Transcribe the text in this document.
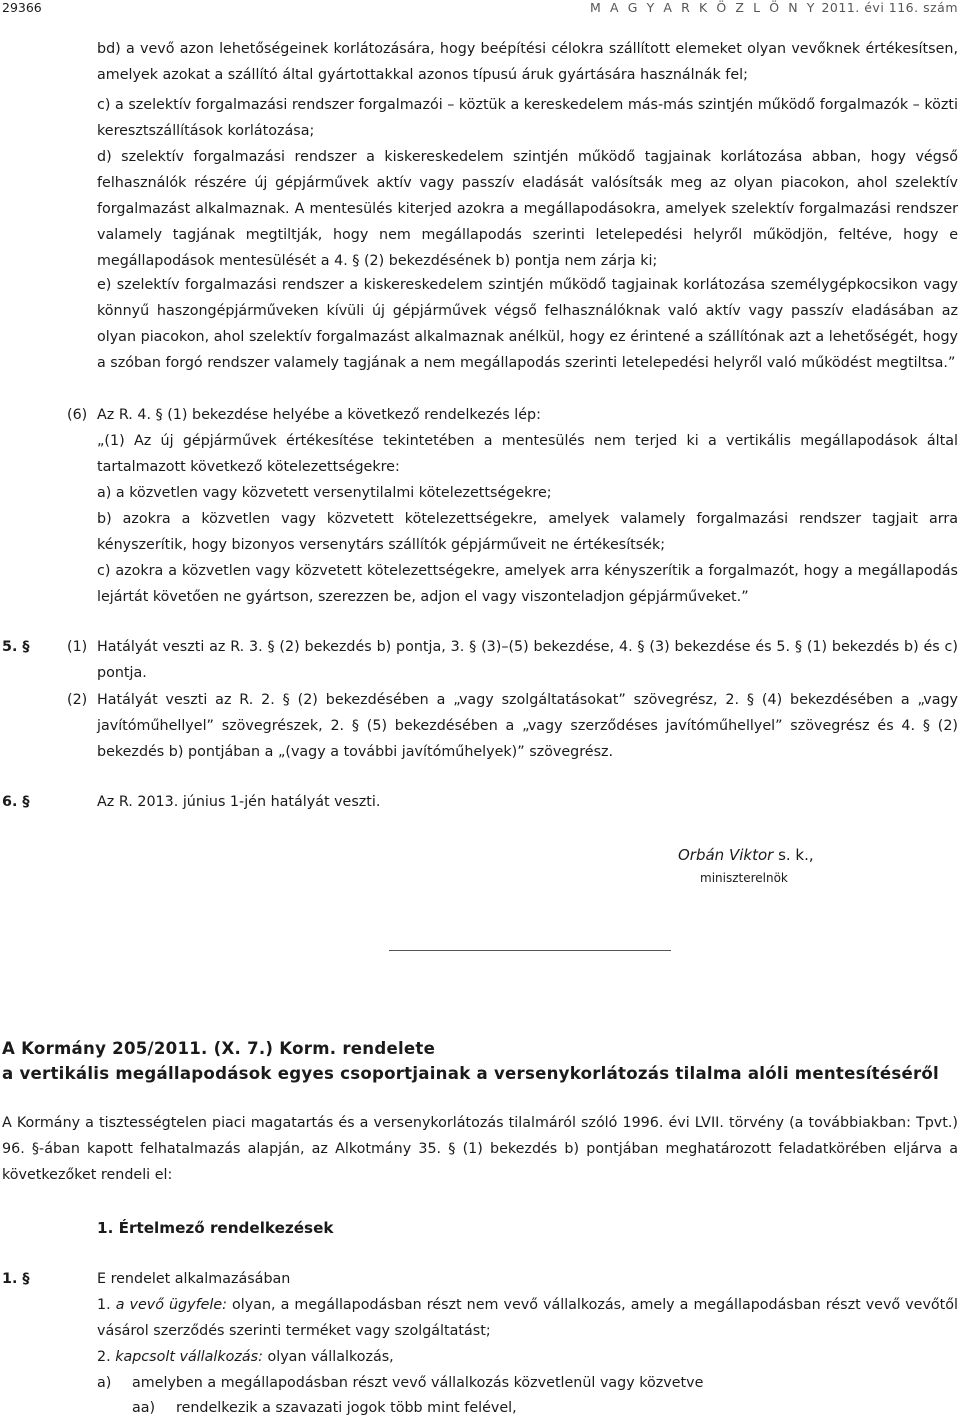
29366	M A G Y A R K Ö Z L Ö N Y 2011. évi 116. szám

bd) a vevő azon lehetőségeinek korlátozására, hogy beépítési célokra szállított elemeket olyan vevőknek értékesítsen, amelyek azokat a szállító által gyártottakkal azonos típusú áruk gyártására használnák fel;

c) a szelektív forgalmazási rendszer forgalmazói – köztük a kereskedelem más-más szintjén működő forgalmazók – közti keresztszállítások korlátozása;

d) szelektív forgalmazási rendszer a kiskereskedelem szintjén működő tagjainak korlátozása abban, hogy végső felhasználók részére új gépjárművek aktív vagy passzív eladását valósítsák meg az olyan piacokon, ahol szelektív forgalmazást alkalmaznak. A mentesülés kiterjed azokra a megállapodásokra, amelyek szelektív forgalmazási rendszer valamely tagjának megtiltják, hogy nem megállapodás szerinti letelepedési helyről működjön, feltéve, hogy e megállapodások mentesülését a 4. § (2) bekezdésének b) pontja nem zárja ki;

e) szelektív forgalmazási rendszer a kiskereskedelem szintjén működő tagjainak korlátozása személygépkocsikon vagy könnyű haszongépjárműveken kívüli új gépjárművek végső felhasználóknak való aktív vagy passzív eladásában az olyan piacokon, ahol szelektív forgalmazást alkalmaznak anélkül, hogy ez érintené a szállítónak azt a lehetőségét, hogy a szóban forgó rendszer valamely tagjának a nem megállapodás szerinti letelepedési helyről való működést megtiltsa.”

(6) Az R. 4. § (1) bekezdése helyébe a következő rendelkezés lép:

„(1) Az új gépjárművek értékesítése tekintetében a mentesülés nem terjed ki a vertikális megállapodások által tartalmazott következő kötelezettségekre:

a) a közvetlen vagy közvetett versenytilalmi kötelezettségekre;

b) azokra a közvetlen vagy közvetett kötelezettségekre, amelyek valamely forgalmazási rendszer tagjait arra kényszerítik, hogy bizonyos versenytárs szállítók gépjárműveit ne értékesítsék;

c) azokra a közvetlen vagy közvetett kötelezettségekre, amelyek arra kényszerítik a forgalmazót, hogy a megállapodás lejártát követően ne gyártson, szerezzen be, adjon el vagy viszonteladjon gépjárműveket.”

5. §	(1) Hatályát veszti az R. 3. § (2) bekezdés b) pontja, 3. § (3)–(5) bekezdése, 4. § (3) bekezdése és 5. § (1) bekezdés b) és c) pontja.

(2) Hatályát veszti az R. 2. § (2) bekezdésében a „vagy szolgáltatásokat” szövegrész, 2. § (4) bekezdésében a „vagy javítóműhellyel” szövegrészek, 2. § (5) bekezdésében a „vagy szerződéses javítóműhellyel” szövegrész és 4. § (2) bekezdés b) pontjában a „(vagy a további javítóműhelyek)” szövegrész.

6. §	Az R. 2013. június 1-jén hatályát veszti.

Orbán Viktor s. k.,
miniszterelnök
A Kormány 205/2011. (X. 7.) Korm. rendelete
a vertikális megállapodások egyes csoportjainak a versenykorlátozás tilalma alóli mentesítéséről

A Kormány a tisztességtelen piaci magatartás és a versenykorlátozás tilalmáról szóló 1996. évi LVII. törvény (a továbbiakban: Tpvt.) 96. §-ában kapott felhatalmazás alapján, az Alkotmány 35. § (1) bekezdés b) pontjában meghatározott feladatkörében eljárva a következőket rendeli el:

1. Értelmező rendelkezések
1. §	E rendelet alkalmazásában

1. a vevő ügyfele: olyan, a megállapodásban részt nem vevő vállalkozás, amely a megállapodásban részt vevő vevőtől vásárol szerződés szerinti terméket vagy szolgáltatást;

2. kapcsolt vállalkozás: olyan vállalkozás,

a) amelyben a megállapodásban részt vevő vállalkozás közvetlenül vagy közvetve

aa) rendelkezik a szavazati jogok több mint felével,
